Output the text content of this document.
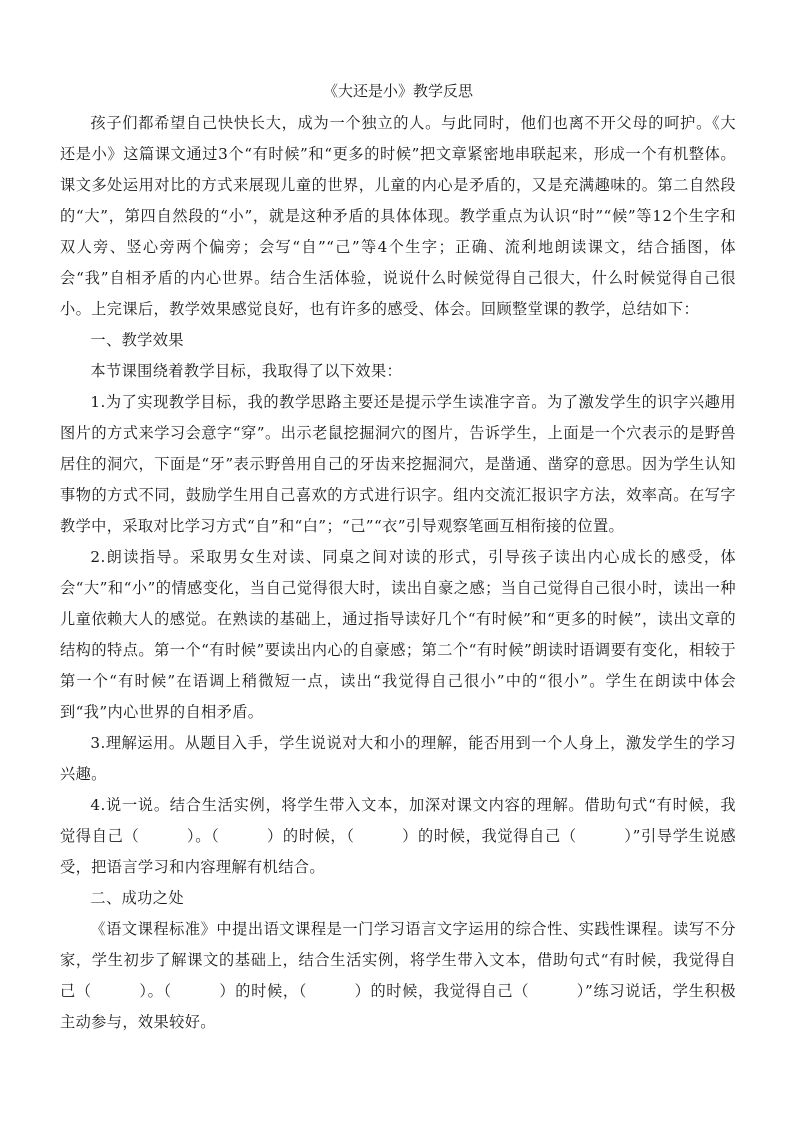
《大还是小》教学反思

孩子们都希望自己快快长大，成为一个独立的人。与此同时，他们也离不开父母的呵护。《大还是小》这篇课文通过3个“有时候”和“更多的时候”把文章紧密地串联起来，形成一个有机整体。课文多处运用对比的方式来展现儿童的世界，儿童的内心是矛盾的，又是充满趣味的。第二自然段的“大”，第四自然段的“小”，就是这种矛盾的具体体现。教学重点为认识“时”“候”等12个生字和双人旁、竖心旁两个偏旁；会写“自”“己”等4个生字；正确、流利地朗读课文，结合插图，体会“我”自相矛盾的内心世界。结合生活体验，说说什么时候觉得自己很大，什么时候觉得自己很小。上完课后，教学效果感觉良好，也有许多的感受、体会。回顾整堂课的教学，总结如下：

一、教学效果

本节课围绕着教学目标，我取得了以下效果：

1.为了实现教学目标，我的教学思路主要还是提示学生读准字音。为了激发学生的识字兴趣用图片的方式来学习会意字“穿”。出示老鼠挖掘洞穴的图片，告诉学生，上面是一个穴表示的是野兽居住的洞穴，下面是“牙”表示野兽用自己的牙齿来挖掘洞穴，是凿通、凿穿的意思。因为学生认知事物的方式不同，鼓励学生用自己喜欢的方式进行识字。组内交流汇报识字方法，效率高。在写字教学中，采取对比学习方式“自”和“白”；“己”“衣”引导观察笔画互相衔接的位置。

2.朗读指导。采取男女生对读、同桌之间对读的形式，引导孩子读出内心成长的感受，体会“大”和“小”的情感变化，当自己觉得很大时，读出自豪之感；当自己觉得自己很小时，读出一种儿童依赖大人的感觉。在熟读的基础上，通过指导读好几个“有时候”和“更多的时候”，读出文章的结构的特点。第一个“有时候”要读出内心的自豪感；第二个“有时候”朗读时语调要有变化，相较于第一个“有时候”在语调上稍微短一点，读出“我觉得自己很小”中的“很小”。学生在朗读中体会到“我”内心世界的自相矛盾。

3.理解运用。从题目入手，学生说说对大和小的理解，能否用到一个人身上，激发学生的学习兴趣。

4.说一说。结合生活实例，将学生带入文本，加深对课文内容的理解。借助句式“有时候，我觉得自己（　　　）。（　　　）的时候，（　　　）的时候，我觉得自己（　　　）”引导学生说感受，把语言学习和内容理解有机结合。

二、成功之处

《语文课程标准》中提出语文课程是一门学习语言文字运用的综合性、实践性课程。读写不分家，学生初步了解课文的基础上，结合生活实例，将学生带入文本，借助句式“有时候，我觉得自己（　　　）。（　　　）的时候，（　　　）的时候，我觉得自己（　　　）”练习说话，学生积极主动参与，效果较好。
